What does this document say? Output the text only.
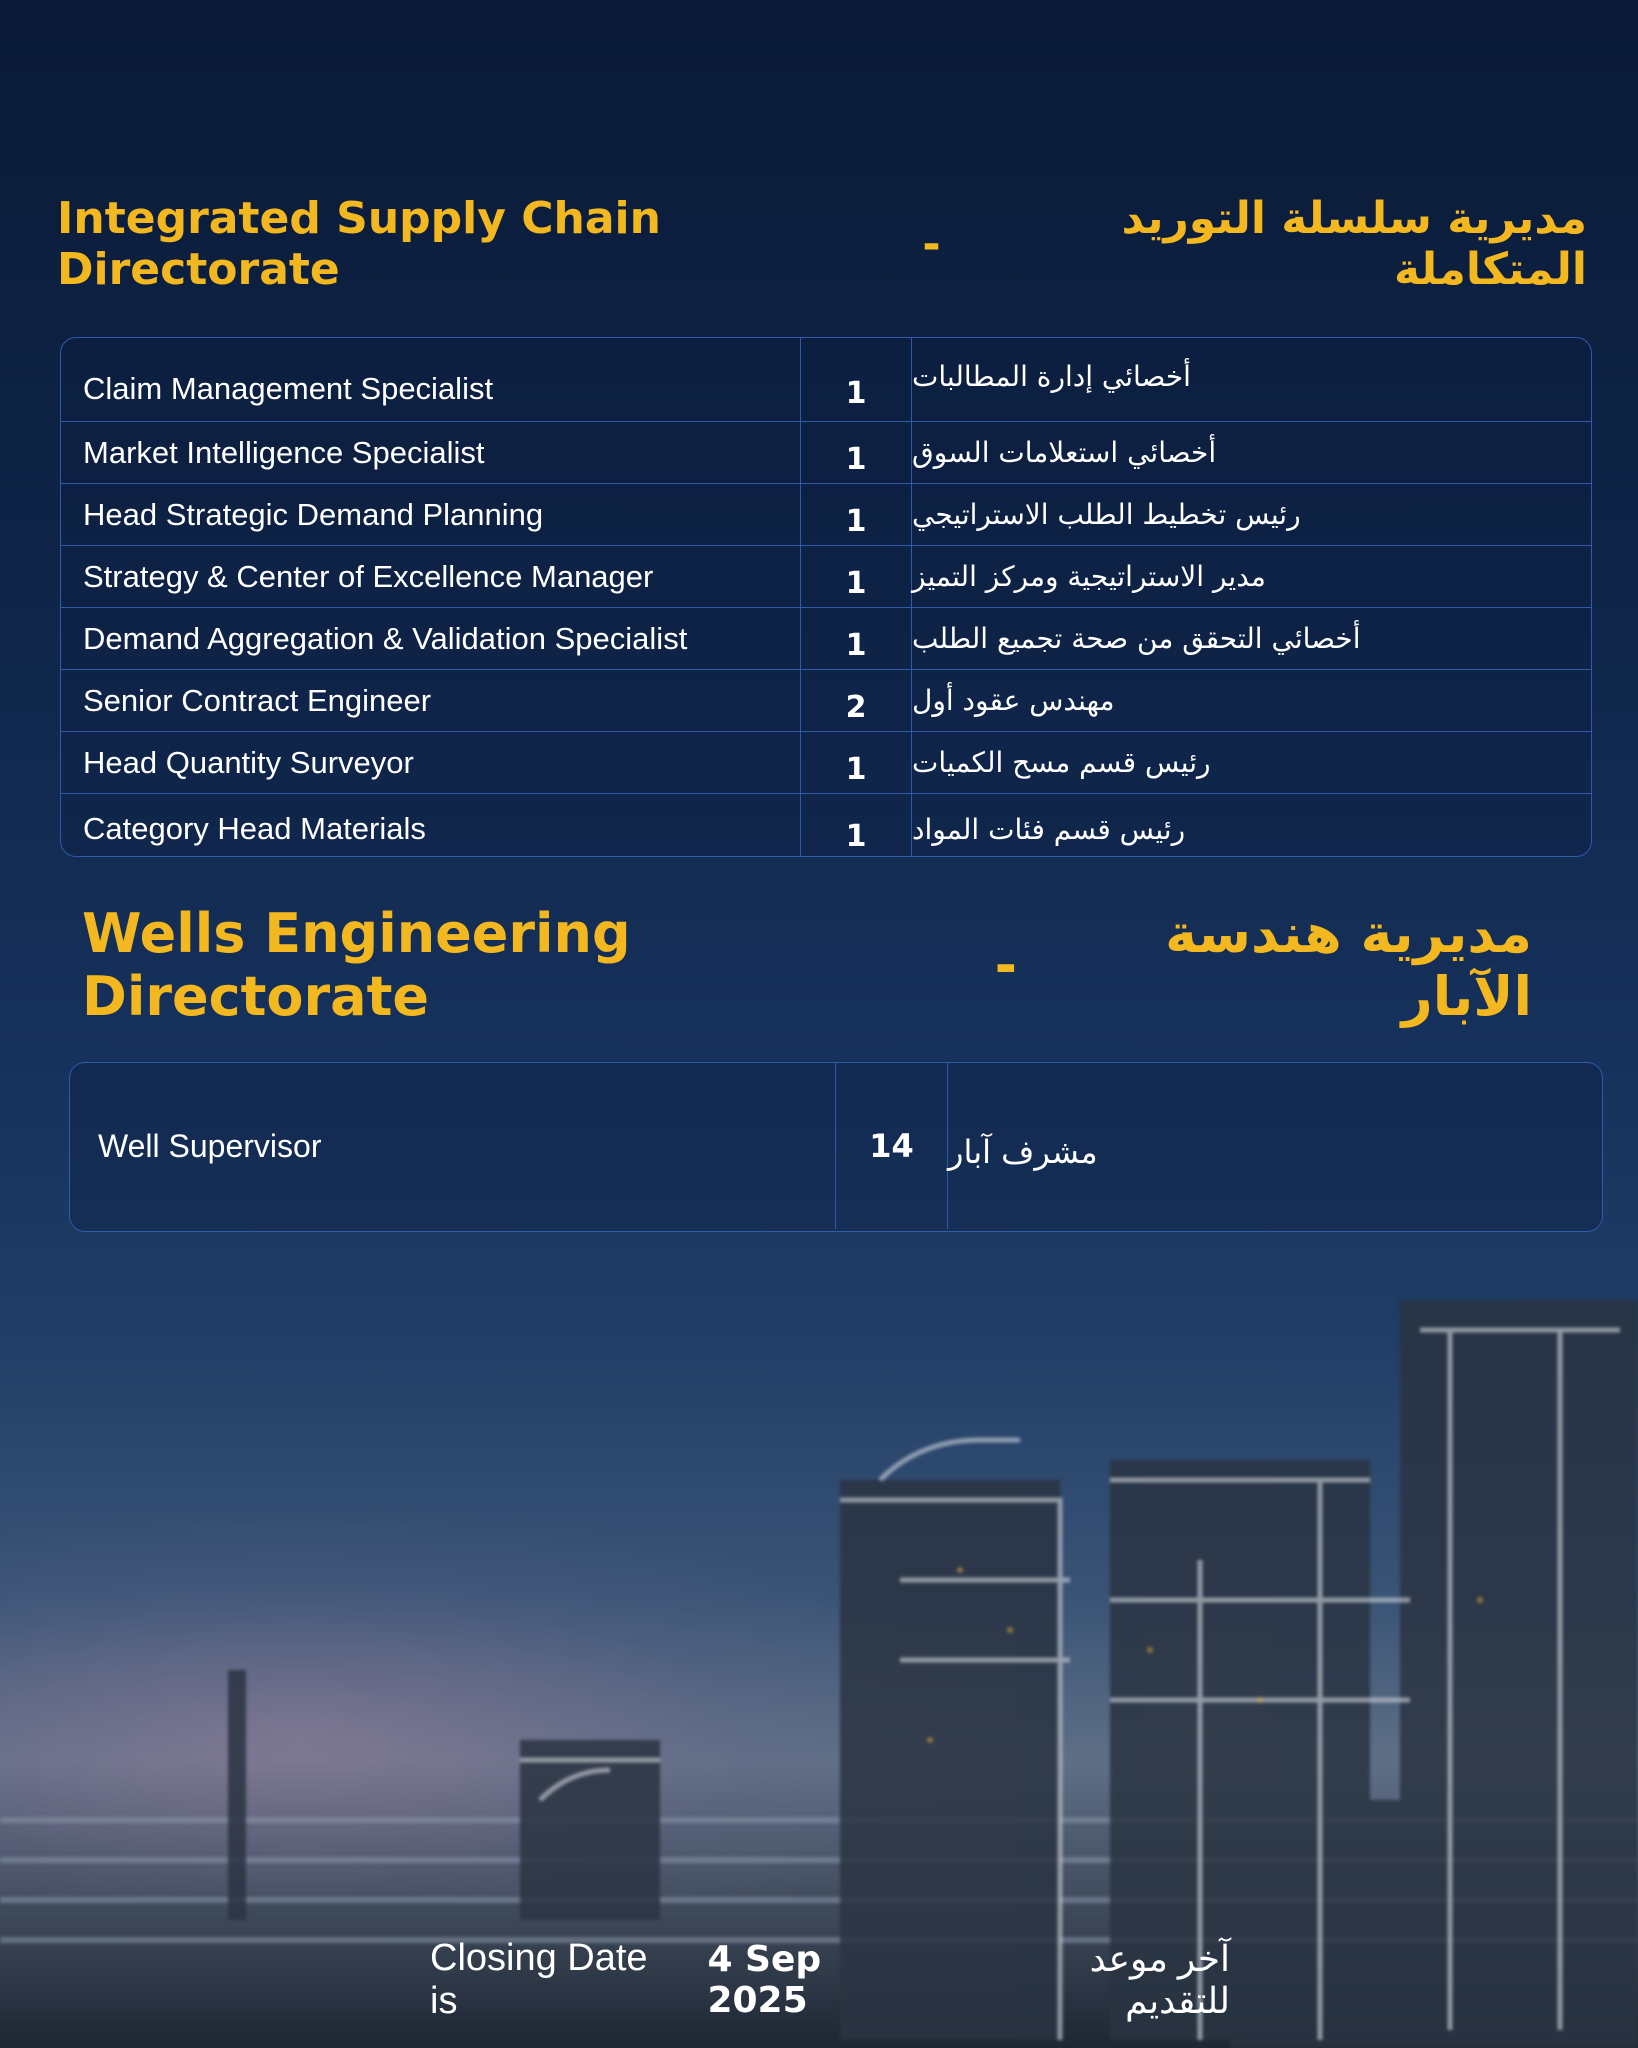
Integrated Supply Chain Directorate	-	مديرية سلسلة التوريد المتكاملة
Claim Management Specialist	1	أخصائي إدارة المطالبات
Market Intelligence Specialist	1	أخصائي استعلامات السوق
Head Strategic Demand Planning	1	رئيس تخطيط الطلب الاستراتيجي
Strategy & Center of Excellence Manager	1	مدير الاستراتيجية ومركز التميز
Demand Aggregation & Validation Specialist	1	أخصائي التحقق من صحة تجميع الطلب
Senior Contract Engineer	2	مهندس عقود أول
Head Quantity Surveyor	1	رئيس قسم مسح الكميات
Category Head Materials	1	رئيس قسم فئات المواد
Wells Engineering Directorate	-	مديرية هندسة الآبار
Well Supervisor	14	مشرف آبار
Closing Date is
4 Sep 2025
آخر موعد للتقديم
